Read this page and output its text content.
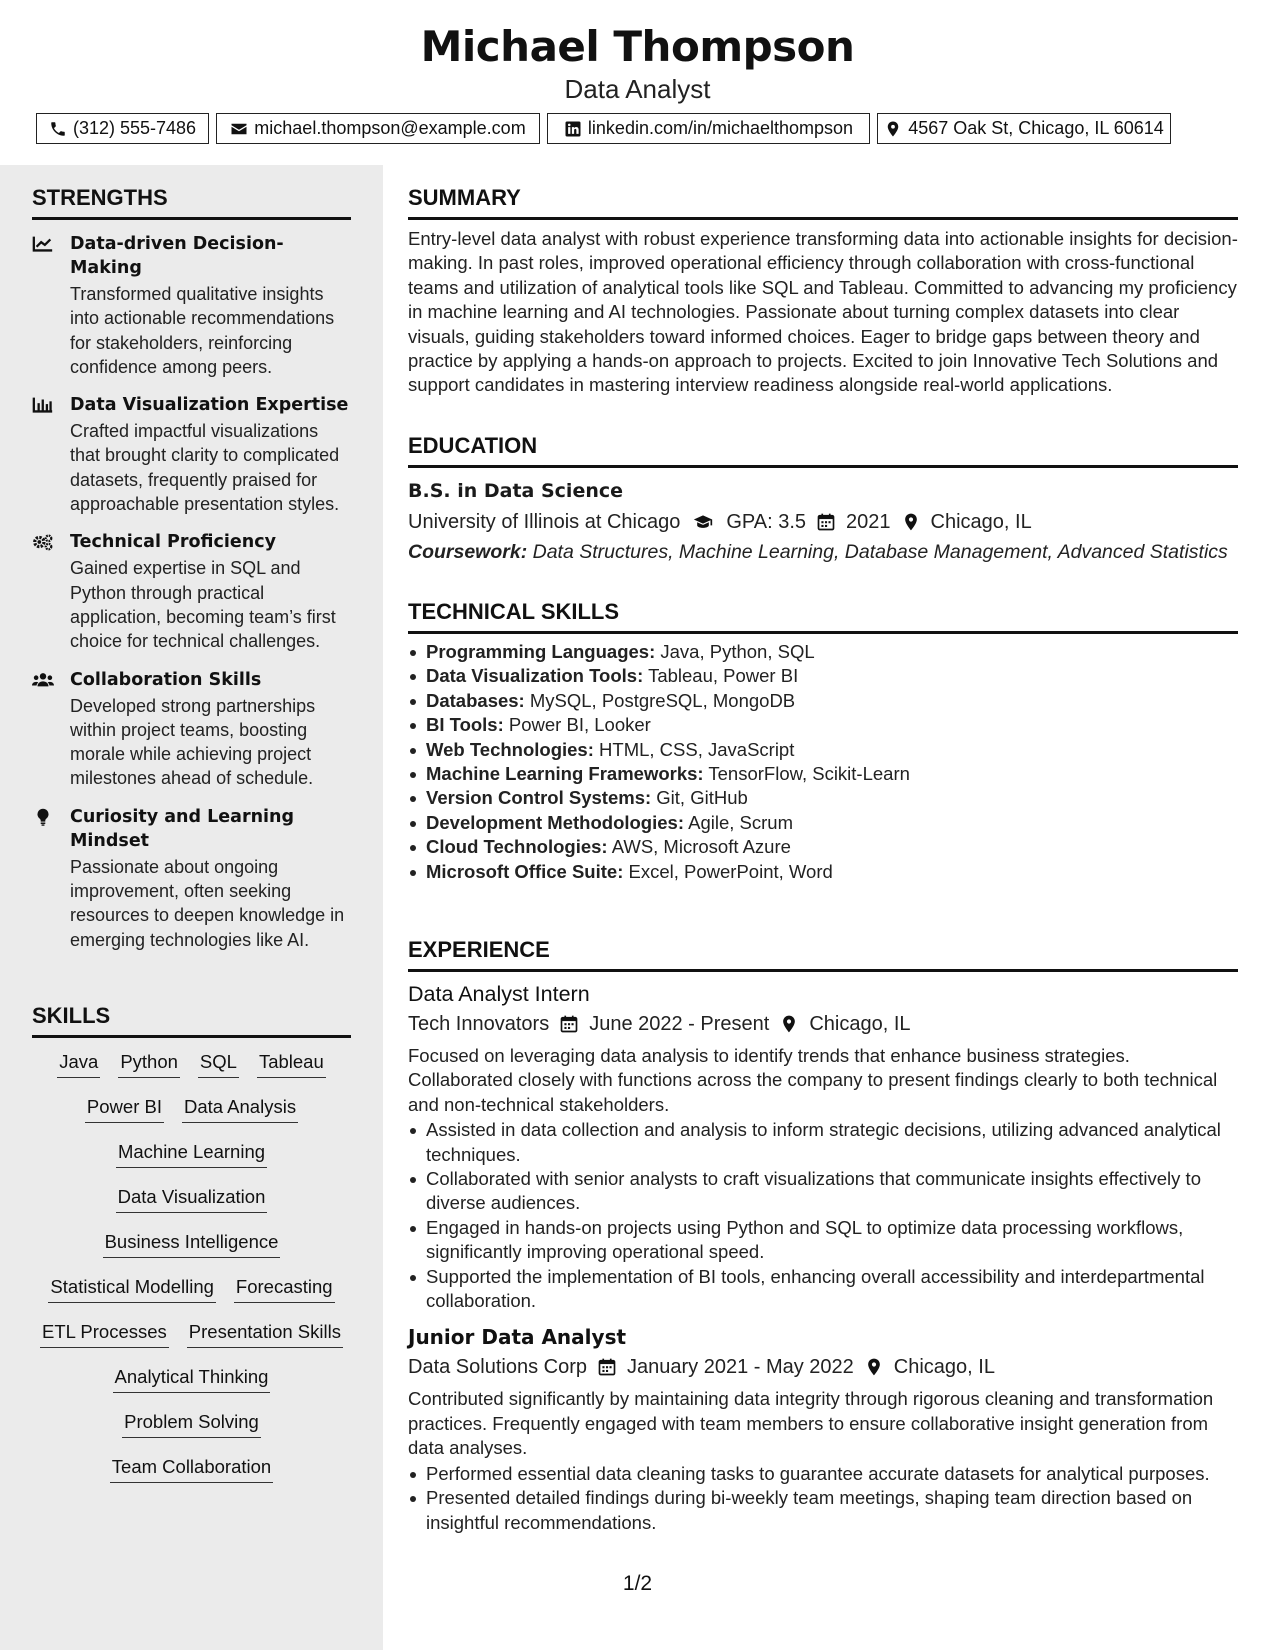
Michael Thompson
Data Analyst
(312) 555-7486	michael.thompson@example.com	linkedin.com/in/michaelthompson	4567 Oak St, Chicago, IL 60614
STRENGTHS
Data-driven Decision-Making
Transformed qualitative insights into actionable recommendations for stakeholders, reinforcing confidence among peers.
Data Visualization Expertise
Crafted impactful visualizations that brought clarity to complicated datasets, frequently praised for approachable presentation styles.
Technical Proficiency
Gained expertise in SQL and Python through practical application, becoming team’s first choice for technical challenges.
Collaboration Skills
Developed strong partnerships within project teams, boosting morale while achieving project milestones ahead of schedule.
Curiosity and Learning Mindset
Passionate about ongoing improvement, often seeking resources to deepen knowledge in emerging technologies like AI.
SKILLS
Java Python SQL Tableau
Power BI Data Analysis
Machine Learning
Data Visualization
Business Intelligence
Statistical Modelling Forecasting
ETL Processes Presentation Skills
Analytical Thinking
Problem Solving
Team Collaboration
SUMMARY
Entry-level data analyst with robust experience transforming data into actionable insights for decision-making. In past roles, improved operational efficiency through collaboration with cross-functional teams and utilization of analytical tools like SQL and Tableau. Committed to advancing my proficiency in machine learning and AI technologies. Passionate about turning complex datasets into clear visuals, guiding stakeholders toward informed choices. Eager to bridge gaps between theory and practice by applying a hands-on approach to projects. Excited to join Innovative Tech Solutions and support candidates in mastering interview readiness alongside real-world applications.
EDUCATION
B.S. in Data Science
University of Illinois at Chicago GPA: 3.5 2021 Chicago, IL
Coursework: Data Structures, Machine Learning, Database Management, Advanced Statistics
TECHNICAL SKILLS
Programming Languages: Java, Python, SQL
Data Visualization Tools: Tableau, Power BI
Databases: MySQL, PostgreSQL, MongoDB
BI Tools: Power BI, Looker
Web Technologies: HTML, CSS, JavaScript
Machine Learning Frameworks: TensorFlow, Scikit-Learn
Version Control Systems: Git, GitHub
Development Methodologies: Agile, Scrum
Cloud Technologies: AWS, Microsoft Azure
Microsoft Office Suite: Excel, PowerPoint, Word
EXPERIENCE
Data Analyst Intern
Tech Innovators June 2022 - Present Chicago, IL
Focused on leveraging data analysis to identify trends that enhance business strategies. Collaborated closely with functions across the company to present findings clearly to both technical and non-technical stakeholders.
Assisted in data collection and analysis to inform strategic decisions, utilizing advanced analytical techniques.
Collaborated with senior analysts to craft visualizations that communicate insights effectively to diverse audiences.
Engaged in hands-on projects using Python and SQL to optimize data processing workflows, significantly improving operational speed.
Supported the implementation of BI tools, enhancing overall accessibility and interdepartmental collaboration.
Junior Data Analyst
Data Solutions Corp January 2021 - May 2022 Chicago, IL
Contributed significantly by maintaining data integrity through rigorous cleaning and transformation practices. Frequently engaged with team members to ensure collaborative insight generation from data analyses.
Performed essential data cleaning tasks to guarantee accurate datasets for analytical purposes.
Presented detailed findings during bi-weekly team meetings, shaping team direction based on insightful recommendations.
1/2
